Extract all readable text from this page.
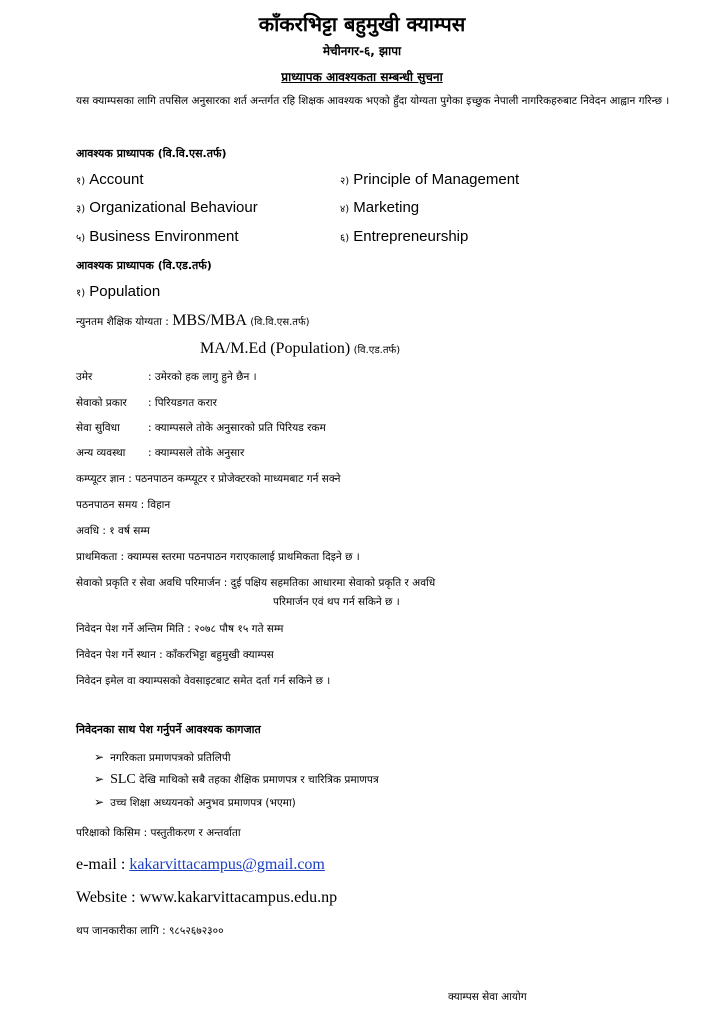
काँकरभिट्टा बहुमुखी क्याम्पस
मेचीनगर-६, झापा
प्राध्यापक आवश्यकता सम्बन्धी सुचना
यस क्याम्पसका लागि तपसिल अनुसारका शर्त अन्तर्गत रहि शिक्षक आवश्यक भएको हुँदा योग्यता पुगेका इच्छुक नेपाली नागरिकहरुबाट निवेदन आह्वान गरिन्छ ।
आवश्यक प्राध्यापक (वि.वि.एस.तर्फ)
१) Account	२) Principle of Management
३) Organizational Behaviour	४) Marketing
५) Business Environment	६) Entrepreneurship
आवश्यक प्राध्यापक (वि.एड.तर्फ)
१) Population
न्युनतम शैक्षिक योग्यता : MBS/MBA (वि.वि.एस.तर्फ)
MA/M.Ed (Population) (वि.एड.तर्फ)
उमेर	: उमेरको हक लागु हुने छैन ।
सेवाको प्रकार : पिरियडगत करार
सेवा सुविधा	: क्याम्पसले तोके अनुसारको प्रति पिरियड रकम
अन्य व्यवस्था : क्याम्पसले तोके अनुसार
कम्प्यूटर ज्ञान : पठनपाठन कम्प्यूटर र प्रोजेक्टरको माध्यमबाट गर्न सक्ने
पठनपाठन समय : विहान
अवधि : १ वर्ष सम्म
प्राथमिकता : क्याम्पस स्तरमा पठनपाठन गराएकालाई प्राथमिकता दिइने छ ।
सेवाको प्रकृति र सेवा अवधि परिमार्जन : दुई पक्षिय सहमतिका आधारमा सेवाको प्रकृति र अवधि
परिमार्जन एवं थप गर्न सकिने छ ।
निवेदन पेश गर्ने अन्तिम मिति : २०७८ पौष १५ गते सम्म
निवेदन पेश गर्ने स्थान : काँकरभिट्टा बहुमुखी क्याम्पस
निवेदन इमेल वा क्याम्पसको वेवसाइटबाट समेत दर्ता गर्न सकिने छ ।
निवेदनका साथ पेश गर्नुपर्ने आवश्यक कागजात
➢ नगरिकता प्रमाणपत्रको प्रतिलिपी
➢ SLC देखि माथिको सबै तहका शैक्षिक प्रमाणपत्र र चारित्रिक प्रमाणपत्र
➢ उच्च शिक्षा अध्ययनको अनुभव प्रमाणपत्र (भएमा)
परिक्षाको किसिम : पस्तुतीकरण र अन्तर्वाता
e-mail : kakarvittacampus@gmail.com
Website : www.kakarvittacampus.edu.np
थप जानकारीका लागि : ९८५२६७२३००
क्याम्पस सेवा आयोग
